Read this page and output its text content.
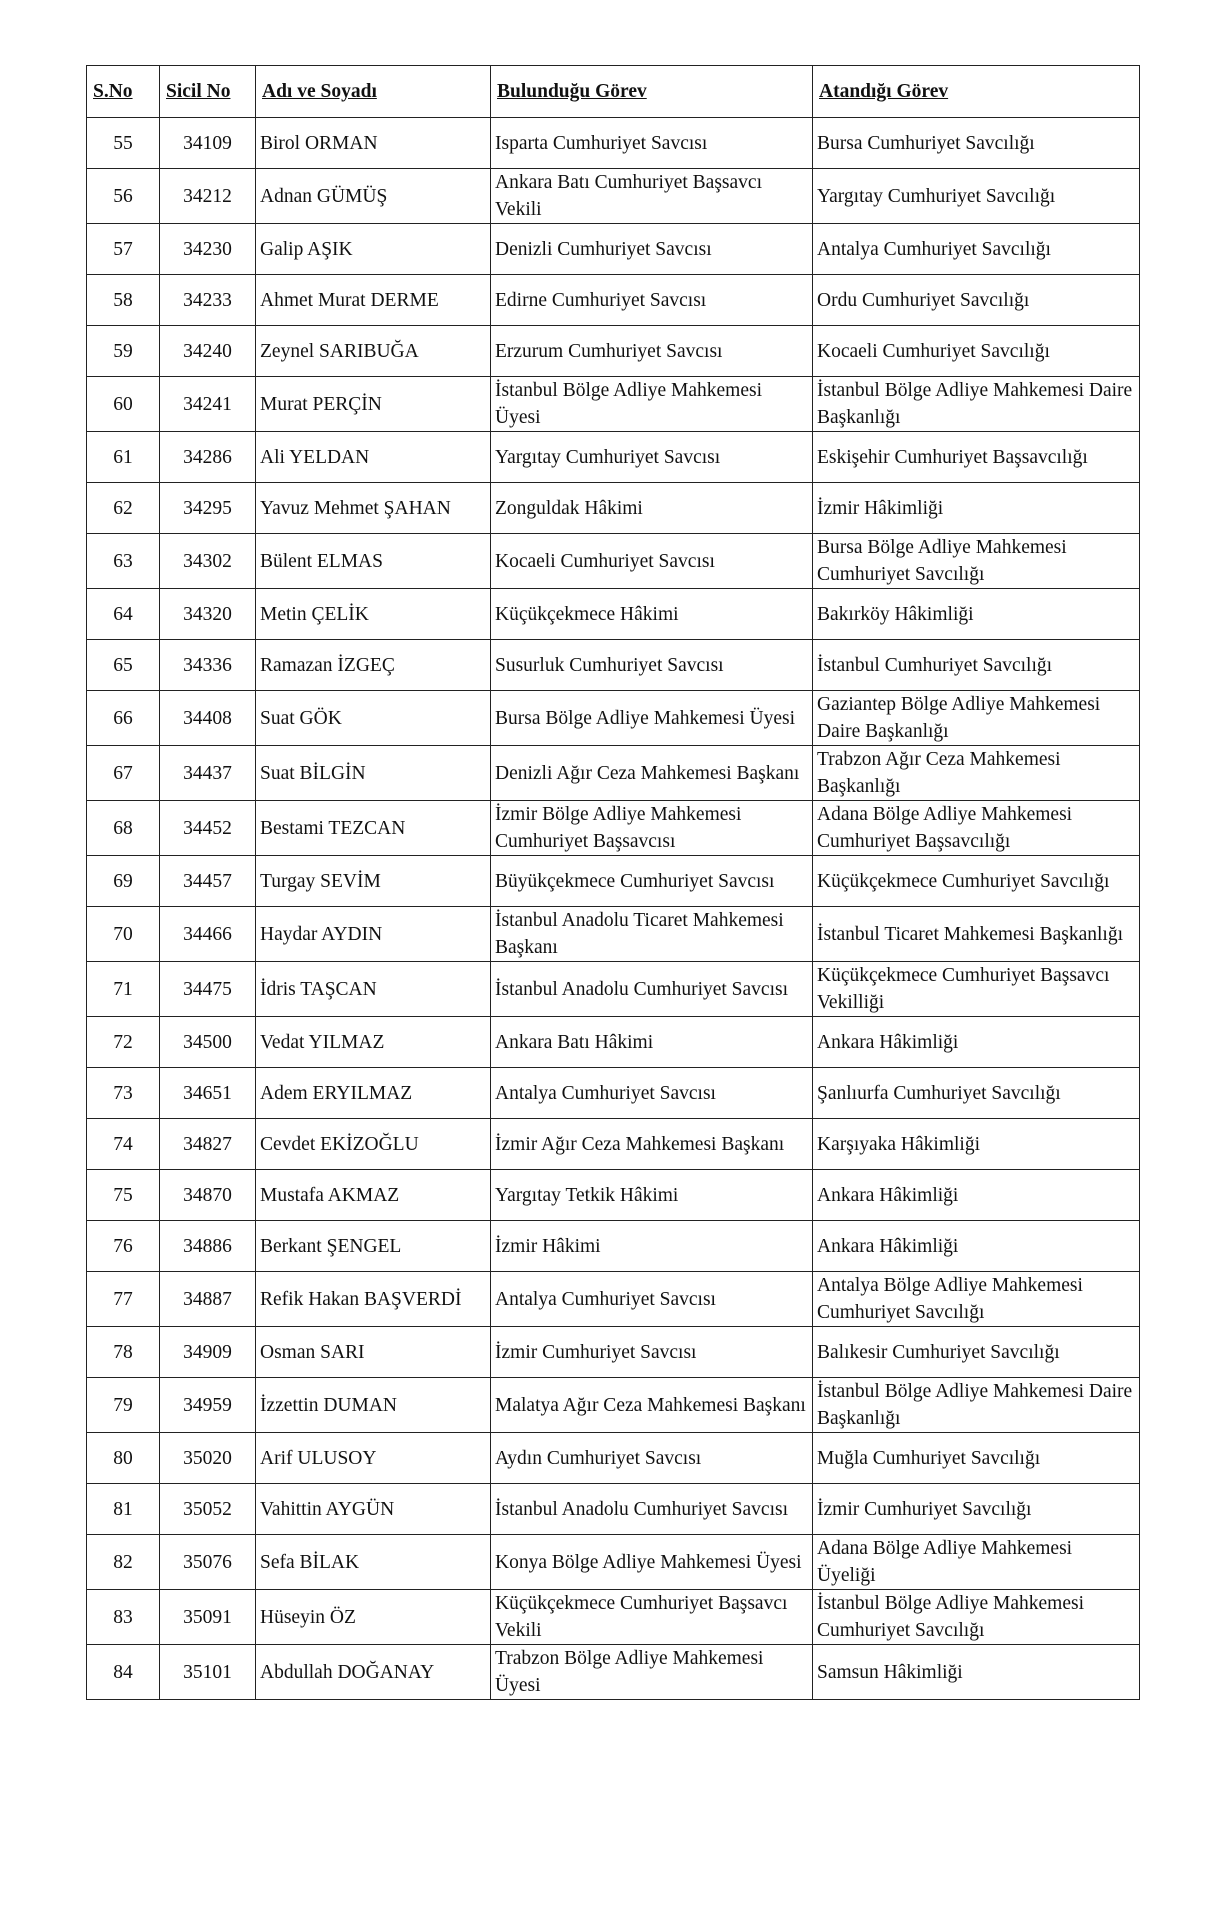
S.No	Sicil No	Adı ve Soyadı	Bulunduğu Görev	Atandığı Görev
55	34109	Birol ORMAN	Isparta Cumhuriyet Savcısı	Bursa Cumhuriyet Savcılığı
56	34212	Adnan GÜMÜŞ	Ankara Batı Cumhuriyet Başsavcı Vekili	Yargıtay Cumhuriyet Savcılığı
57	34230	Galip AŞIK	Denizli Cumhuriyet Savcısı	Antalya Cumhuriyet Savcılığı
58	34233	Ahmet Murat DERME	Edirne Cumhuriyet Savcısı	Ordu Cumhuriyet Savcılığı
59	34240	Zeynel SARIBUĞA	Erzurum Cumhuriyet Savcısı	Kocaeli Cumhuriyet Savcılığı
60	34241	Murat PERÇİN	İstanbul Bölge Adliye Mahkemesi Üyesi	İstanbul Bölge Adliye Mahkemesi Daire Başkanlığı
61	34286	Ali YELDAN	Yargıtay Cumhuriyet Savcısı	Eskişehir Cumhuriyet Başsavcılığı
62	34295	Yavuz Mehmet ŞAHAN	Zonguldak Hâkimi	İzmir Hâkimliği
63	34302	Bülent ELMAS	Kocaeli Cumhuriyet Savcısı	Bursa Bölge Adliye Mahkemesi Cumhuriyet Savcılığı
64	34320	Metin ÇELİK	Küçükçekmece Hâkimi	Bakırköy Hâkimliği
65	34336	Ramazan İZGEÇ	Susurluk Cumhuriyet Savcısı	İstanbul Cumhuriyet Savcılığı
66	34408	Suat GÖK	Bursa Bölge Adliye Mahkemesi Üyesi	Gaziantep Bölge Adliye Mahkemesi Daire Başkanlığı
67	34437	Suat BİLGİN	Denizli Ağır Ceza Mahkemesi Başkanı	Trabzon Ağır Ceza Mahkemesi Başkanlığı
68	34452	Bestami TEZCAN	İzmir Bölge Adliye Mahkemesi Cumhuriyet Başsavcısı	Adana Bölge Adliye Mahkemesi Cumhuriyet Başsavcılığı
69	34457	Turgay SEVİM	Büyükçekmece Cumhuriyet Savcısı	Küçükçekmece Cumhuriyet Savcılığı
70	34466	Haydar AYDIN	İstanbul Anadolu Ticaret Mahkemesi Başkanı	İstanbul Ticaret Mahkemesi Başkanlığı
71	34475	İdris TAŞCAN	İstanbul Anadolu Cumhuriyet Savcısı	Küçükçekmece Cumhuriyet Başsavcı Vekilliği
72	34500	Vedat YILMAZ	Ankara Batı Hâkimi	Ankara Hâkimliği
73	34651	Adem ERYILMAZ	Antalya Cumhuriyet Savcısı	Şanlıurfa Cumhuriyet Savcılığı
74	34827	Cevdet EKİZOĞLU	İzmir Ağır Ceza Mahkemesi Başkanı	Karşıyaka Hâkimliği
75	34870	Mustafa AKMAZ	Yargıtay Tetkik Hâkimi	Ankara Hâkimliği
76	34886	Berkant ŞENGEL	İzmir Hâkimi	Ankara Hâkimliği
77	34887	Refik Hakan BAŞVERDİ	Antalya Cumhuriyet Savcısı	Antalya Bölge Adliye Mahkemesi Cumhuriyet Savcılığı
78	34909	Osman SARI	İzmir Cumhuriyet Savcısı	Balıkesir Cumhuriyet Savcılığı
79	34959	İzzettin DUMAN	Malatya Ağır Ceza Mahkemesi Başkanı	İstanbul Bölge Adliye Mahkemesi Daire Başkanlığı
80	35020	Arif ULUSOY	Aydın Cumhuriyet Savcısı	Muğla Cumhuriyet Savcılığı
81	35052	Vahittin AYGÜN	İstanbul Anadolu Cumhuriyet Savcısı	İzmir Cumhuriyet Savcılığı
82	35076	Sefa BİLAK	Konya Bölge Adliye Mahkemesi Üyesi	Adana Bölge Adliye Mahkemesi Üyeliği
83	35091	Hüseyin ÖZ	Küçükçekmece Cumhuriyet Başsavcı Vekili	İstanbul Bölge Adliye Mahkemesi Cumhuriyet Savcılığı
84	35101	Abdullah DOĞANAY	Trabzon Bölge Adliye Mahkemesi Üyesi	Samsun Hâkimliği
